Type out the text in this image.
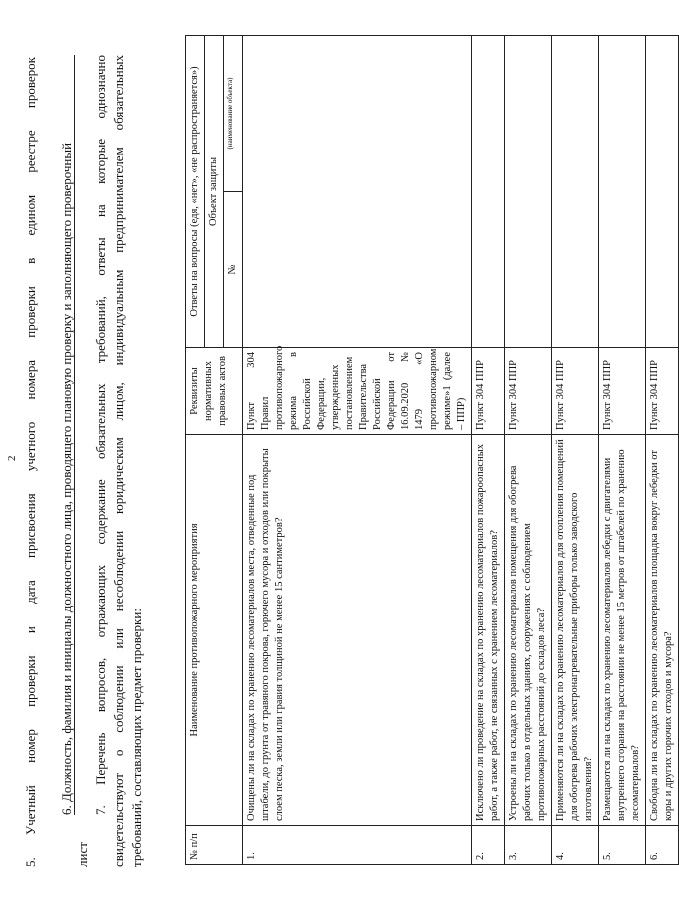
2 5. Учетный номер проверки и дата присвоения учетного номера проверки в едином реестре проверок 6. Должность, фамилия и инициалы должностного лица, проводящего плановую проверку и заполняющего проверочный
лист
7. Перечень вопросов, отражающих содержание обязательных требований, ответы на которые однозначно свидетельствуют о соблюдении или несоблюдении юридическим лицом, индивидуальным предпринимателем обязательных требований, составляющих предмет проверки:	№ п/п	Наименование противопожарного мероприятия	Реквизиты нормативных правовых актов	Ответы на вопросы (едя, «нет», «не распространяется»)	
			Объект защиты	
			№	(наименование объекта)

1.	Очищены ли на складах по хранению лесоматериалов места, отведенные под штабели, до грунта от травяного покрова, горючего мусора и отходов или покрыты слоем песка, земли или гравия толщиной не менее 15 сантиметров?	Пункт 304 Правил противопожарного режима в Российской Федерации, утвержденных постановлением Правительства Российской Федерации от 16.09.2020 № 1479 «О противопожарном режиме»1 (далее – ППР)		
2.	Исключено ли проведение на складах по хранению лесоматериалов пожароопасных работ, а также работ, не связанных с хранением лесоматериалов?	Пункт 304 ППР		
3.	Устроены ли на складах по хранению лесоматериалов помещения для обогрева рабочих только в отдельных зданиях, сооружениях с соблюдением противопожарных расстояний до складов леса?	Пункт 304 ППР		
4.	Применяются ли на складах по хранению лесоматериалов для отопления помещений для обогрева рабочих электронагревательные приборы только заводского изготовления?	Пункт 304 ППР		
5.	Размещаются ли на складах по хранению лесоматериалов лебедки с двигателями внутреннего сгорания на расстоянии не менее 15 метров от штабелей по хранению лесоматериалов?	Пункт 304 ППР		
6.	Свободна ли на складах по хранению лесоматериалов площадка вокруг лебедки от коры и других горючих отходов и мусора?	Пункт 304 ППР		
